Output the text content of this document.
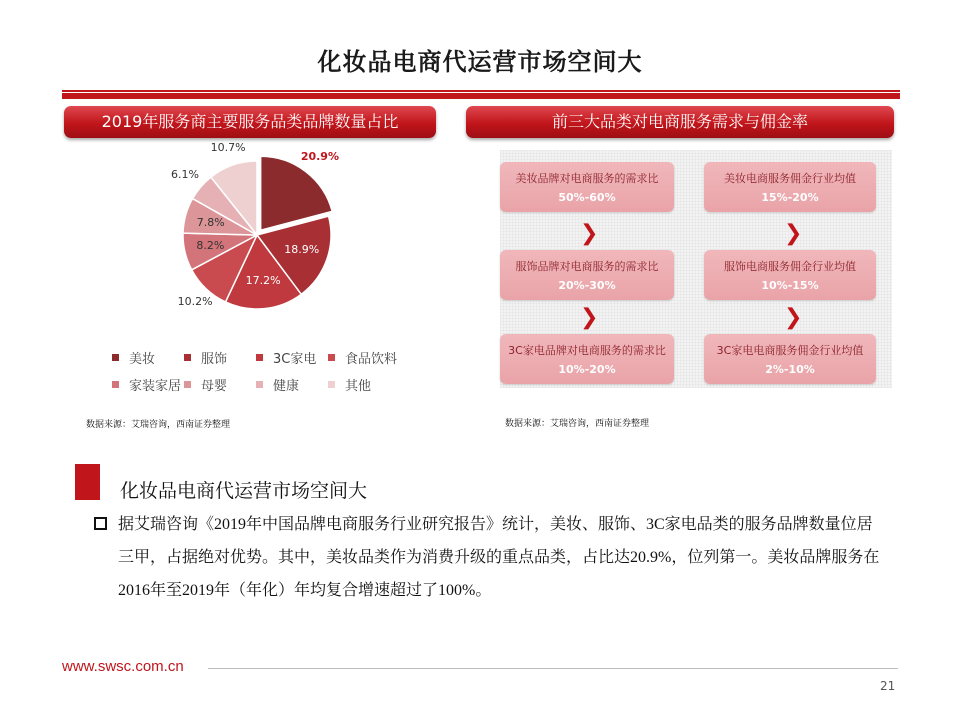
化妆品电商代运营市场空间大
2019年服务商主要服务品类品牌数量占比	前三大品类对电商服务需求与佣金率
20.9%
18.9%
17.2%
10.2%
8.2%
7.8%
6.1%
10.7%
美妆	服饰	3C家电 食品饮料
家装家居 母婴	健康	其他
数据来源：艾瑞咨询，西南证券整理
美妆品牌对电商服务的需求比
50%-60%
❯
服饰品牌对电商服务的需求比
20%-30%
❯
3C家电品牌对电商服务的需求比
10%-20%
美妆电商服务佣金行业均值
15%-20%
❯
服饰电商服务佣金行业均值
10%-15%
❯
3C家电电商服务佣金行业均值
2%-10%
数据来源：艾瑞咨询，西南证券整理
化妆品电商代运营市场空间大
据艾瑞咨询《2019年中国品牌电商服务行业研究报告》统计，美妆、服饰、3C家电品类的服务品牌数量位居三甲，占据绝对优势。其中，美妆品类作为消费升级的重点品类，占比达20.9%，位列第一。美妆品牌服务在2016年至2019年（年化）年均复合增速超过了100%。
www.swsc.com.cn
21
